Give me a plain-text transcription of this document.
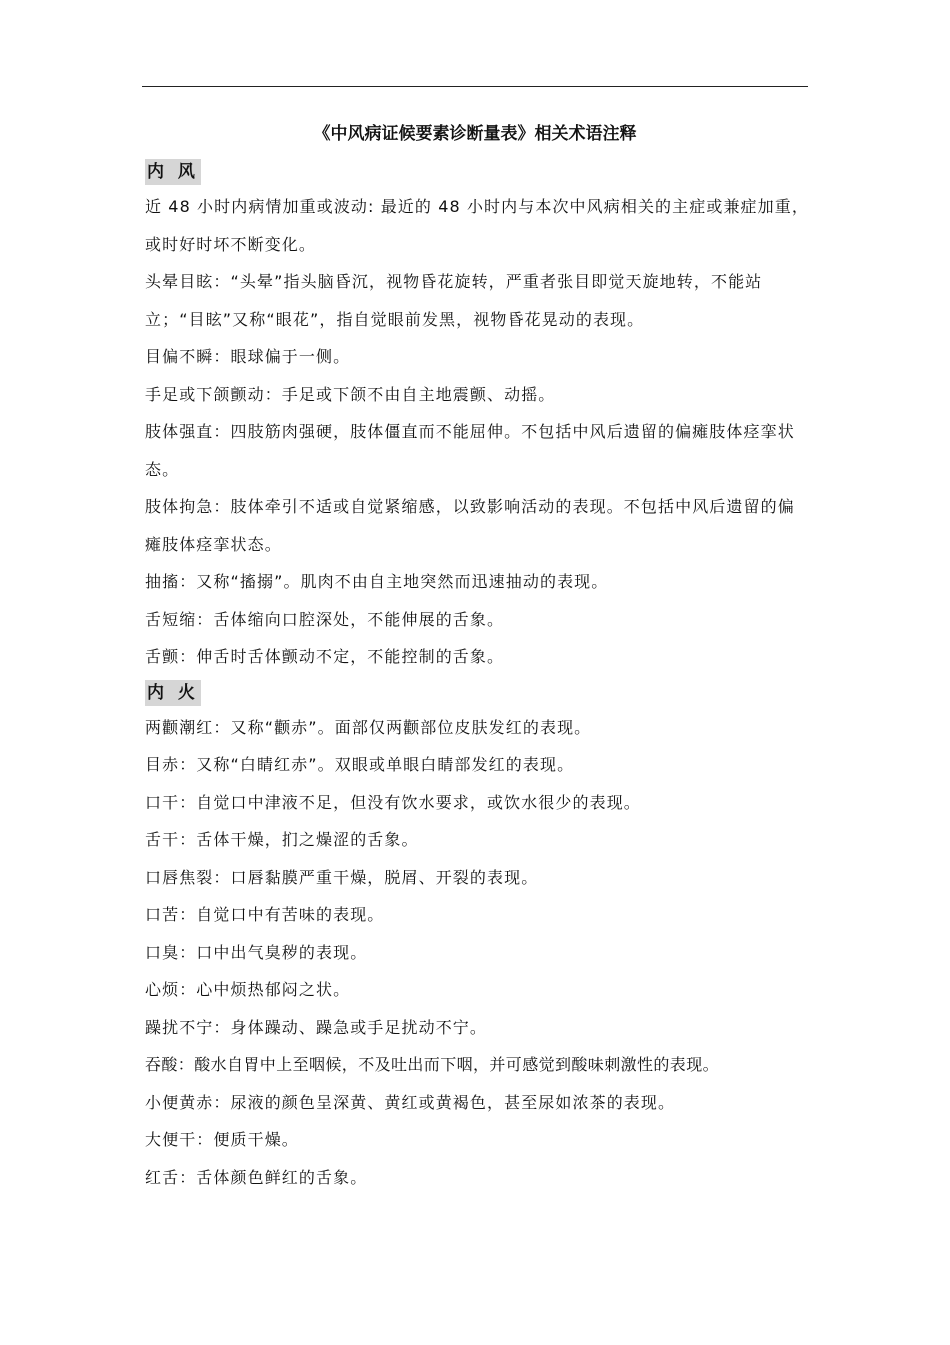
《中风病证候要素诊断量表》相关术语注释
内 风
近 48 小时内病情加重或波动: 最近的 48 小时内与本次中风病相关的主症或兼症加重，或时好时坏不断变化。
头晕目眩：“头晕”指头脑昏沉，视物昏花旋转，严重者张目即觉天旋地转，不能站立；“目眩”又称“眼花”，指自觉眼前发黑，视物昏花晃动的表现。
目偏不瞬：眼球偏于一侧。
手足或下颌颤动：手足或下颌不由自主地震颤、动摇。
肢体强直：四肢筋肉强硬，肢体僵直而不能屈伸。不包括中风后遗留的偏瘫肢体痉挛状态。
肢体拘急：肢体牵引不适或自觉紧缩感，以致影响活动的表现。不包括中风后遗留的偏瘫肢体痉挛状态。
抽搐：又称“搐搦”。肌肉不由自主地突然而迅速抽动的表现。
舌短缩：舌体缩向口腔深处，不能伸展的舌象。
舌颤：伸舌时舌体颤动不定，不能控制的舌象。
内 火
两颧潮红：又称“颧赤”。面部仅两颧部位皮肤发红的表现。
目赤：又称“白睛红赤”。双眼或单眼白睛部发红的表现。
口干：自觉口中津液不足，但没有饮水要求，或饮水很少的表现。
舌干：舌体干燥，扪之燥涩的舌象。
口唇焦裂：口唇黏膜严重干燥，脱屑、开裂的表现。
口苦：自觉口中有苦味的表现。
口臭：口中出气臭秽的表现。
心烦：心中烦热郁闷之状。
躁扰不宁：身体躁动、躁急或手足扰动不宁。
吞酸：酸水自胃中上至咽候，不及吐出而下咽，并可感觉到酸味刺激性的表现。
小便黄赤：尿液的颜色呈深黄、黄红或黄褐色，甚至尿如浓茶的表现。
大便干：便质干燥。
红舌：舌体颜色鲜红的舌象。
